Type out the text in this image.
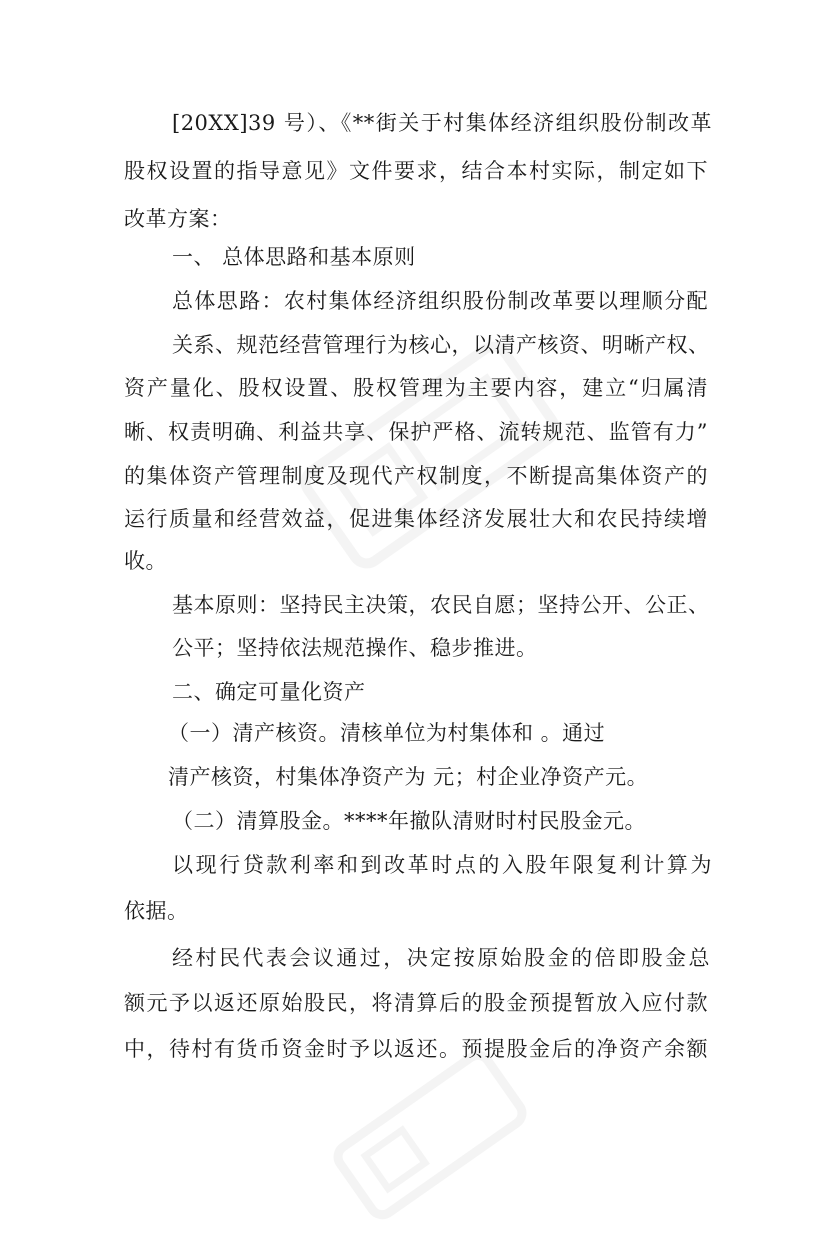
[20XX]39 号）、《**街关于村集体经济组织股份制改革
股权设置的指导意见》文件要求，结合本村实际，制定如下
改革方案：
一、 总体思路和基本原则
总体思路：农村集体经济组织股份制改革要以理顺分配
关系、规范经营管理行为核心，以清产核资、明晰产权、
资产量化、股权设置、股权管理为主要内容，建立“归属清
晰、权责明确、利益共享、保护严格、流转规范、监管有力”
的集体资产管理制度及现代产权制度，不断提高集体资产的
运行质量和经营效益，促进集体经济发展壮大和农民持续增
收。
基本原则：坚持民主决策，农民自愿；坚持公开、公正、
公平；坚持依法规范操作、稳步推进。
二、确定可量化资产
（一）清产核资。清核单位为村集体和 。通过
清产核资，村集体净资产为 元；村企业净资产元。
（二）清算股金。****年撤队清财时村民股金元。
以现行贷款利率和到改革时点的入股年限复利计算为
依据。
经村民代表会议通过，决定按原始股金的倍即股金总
额元予以返还原始股民，将清算后的股金预提暂放入应付款
中，待村有货币资金时予以返还。预提股金后的净资产余额
